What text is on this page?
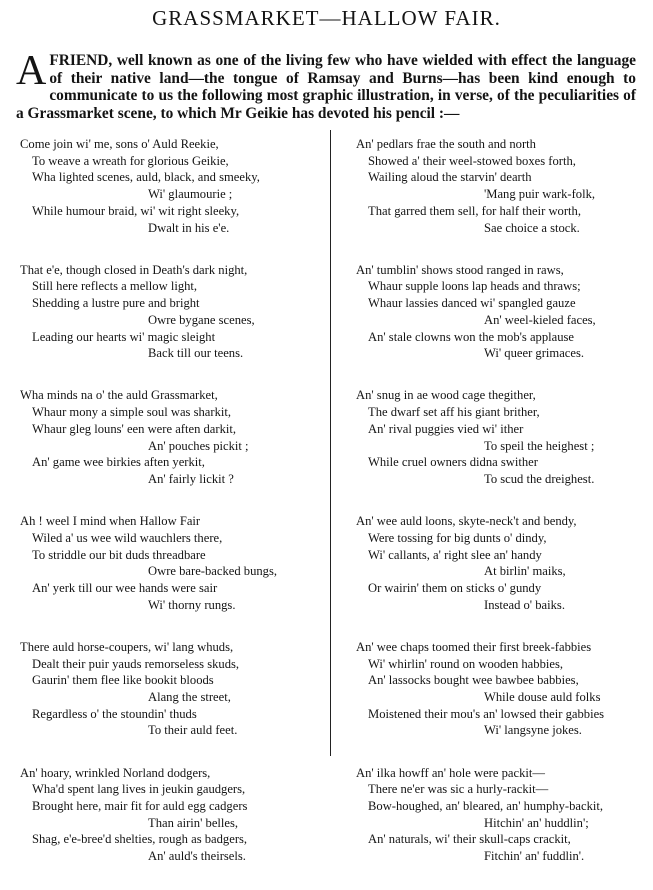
GRASSMARKET—HALLOW FAIR.
AFRIEND, well known as one of the living few who have wielded with effect the language of their native land—the tongue of Ramsay and Burns—has been kind enough to communicate to us the following most graphic illustration, in verse, of the peculiarities of a Grassmarket scene, to which Mr Geikie has devoted his pencil :—
Come join wi' me, sons o' Auld Reekie,
To weave a wreath for glorious Geikie,
Wha lighted scenes, auld, black, and smeeky,
Wi' glaumourie ;
While humour braid, wi' wit right sleeky,
Dwalt in his e'e.
That e'e, though closed in Death's dark night,
Still here reflects a mellow light,
Shedding a lustre pure and bright
Owre bygane scenes,
Leading our hearts wi' magic sleight
Back till our teens.
Wha minds na o' the auld Grassmarket,
Whaur mony a simple soul was sharkit,
Whaur gleg louns' een were aften darkit,
An' pouches pickit ;
An' game wee birkies aften yerkit,
An' fairly lickit ?
Ah ! weel I mind when Hallow Fair
Wiled a' us wee wild wauchlers there,
To striddle our bit duds threadbare
Owre bare-backed bungs,
An' yerk till our wee hands were sair
Wi' thorny rungs.
There auld horse-coupers, wi' lang whuds,
Dealt their puir yauds remorseless skuds,
Gaurin' them flee like bookit bloods
Alang the street,
Regardless o' the stoundin' thuds
To their auld feet.
An' hoary, wrinkled Norland dodgers,
Wha'd spent lang lives in jeukin gaudgers,
Brought here, mair fit for auld egg cadgers
Than airin' belles,
Shag, e'e-bree'd shelties, rough as badgers,
An' auld's theirsels.
An' pedlars frae the south and north
Showed a' their weel-stowed boxes forth,
Wailing aloud the starvin' dearth
'Mang puir wark-folk,
That garred them sell, for half their worth,
Sae choice a stock.
An' tumblin' shows stood ranged in raws,
Whaur supple loons lap heads and thraws;
Whaur lassies danced wi' spangled gauze
An' weel-kieled faces,
An' stale clowns won the mob's applause
Wi' queer grimaces.
An' snug in ae wood cage thegither,
The dwarf set aff his giant brither,
An' rival puggies vied wi' ither
To speil the heighest ;
While cruel owners didna swither
To scud the dreighest.
An' wee auld loons, skyte-neck't and bendy,
Were tossing for big dunts o' dindy,
Wi' callants, a' right slee an' handy
At birlin' maiks,
Or wairin' them on sticks o' gundy
Instead o' baiks.
An' wee chaps toomed their first breek-fabbies
Wi' whirlin' round on wooden habbies,
An' lassocks bought wee bawbee babbies,
While douse auld folks
Moistened their mou's an' lowsed their gabbies
Wi' langsyne jokes.
An' ilka howff an' hole were packit—
There ne'er was sic a hurly-rackit—
Bow-houghed, an' bleared, an' humphy-backit,
Hitchin' an' huddlin';
An' naturals, wi' their skull-caps crackit,
Fitchin' an' fuddlin'.
